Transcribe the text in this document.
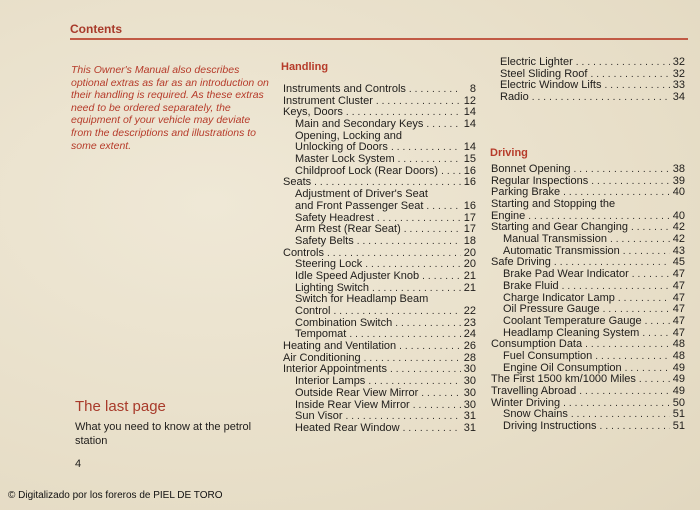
Contents
This Owner's Manual also describes optional extras as far as an introduction on their handling is required. As these extras need to be ordered separately, the equipment of your vehicle may deviate from the descriptions and illustrations to some extent.
The last page
What you need to know at the petrol station
4
Handling
Instruments and Controls .....	8
Instrument Cluster .....	12
Keys, Doors .....	14
Main and Secondary Keys .....	14
Opening, Locking and
Unlocking of Doors .....	14
Master Lock System .....	15
Childproof Lock (Rear Doors) ..... 16
Seats .....	16
Adjustment of Driver's Seat
and Front Passenger Seat .....	16
Safety Headrest .....	17
Arm Rest (Rear Seat) .....	17
Safety Belts .....	18
Controls .....	20
Steering Lock .....	20
Idle Speed Adjuster Knob .....	21
Lighting Switch .....	21
Switch for Headlamp Beam
Control .....	22
Combination Switch .....	23
Tempomat .....	24
Heating and Ventilation .....	26
Air Conditioning .....	28
Interior Appointments .....	30
Interior Lamps .....	30
Outside Rear View Mirror .....	30
Inside Rear View Mirror .....	30
Sun Visor .....	31
Heated Rear Window .....	31
Electric Lighter .....	32
Steel Sliding Roof .....	32
Electric Window Lifts .....	33
Radio .....	34
Driving
Bonnet Opening .....	38
Regular Inspections .....	39
Parking Brake .....	40
Starting and Stopping the
Engine .....	40
Starting and Gear Changing .....	42
Manual Transmission .....	42
Automatic Transmission .....	43
Safe Driving .....	45
Brake Pad Wear Indicator .....	47
Brake Fluid .....	47
Charge Indicator Lamp .....	47
Oil Pressure Gauge .....	47
Coolant Temperature Gauge .....	47
Headlamp Cleaning System .....	47
Consumption Data .....	48
Fuel Consumption .....	48
Engine Oil Consumption .....	49
The First 1500 km/1000 Miles .....	49
Travelling Abroad .....	49
Winter Driving .....	50
Snow Chains .....	51
Driving Instructions .....	51
© Digitalizado por los foreros de PIEL DE TORO
